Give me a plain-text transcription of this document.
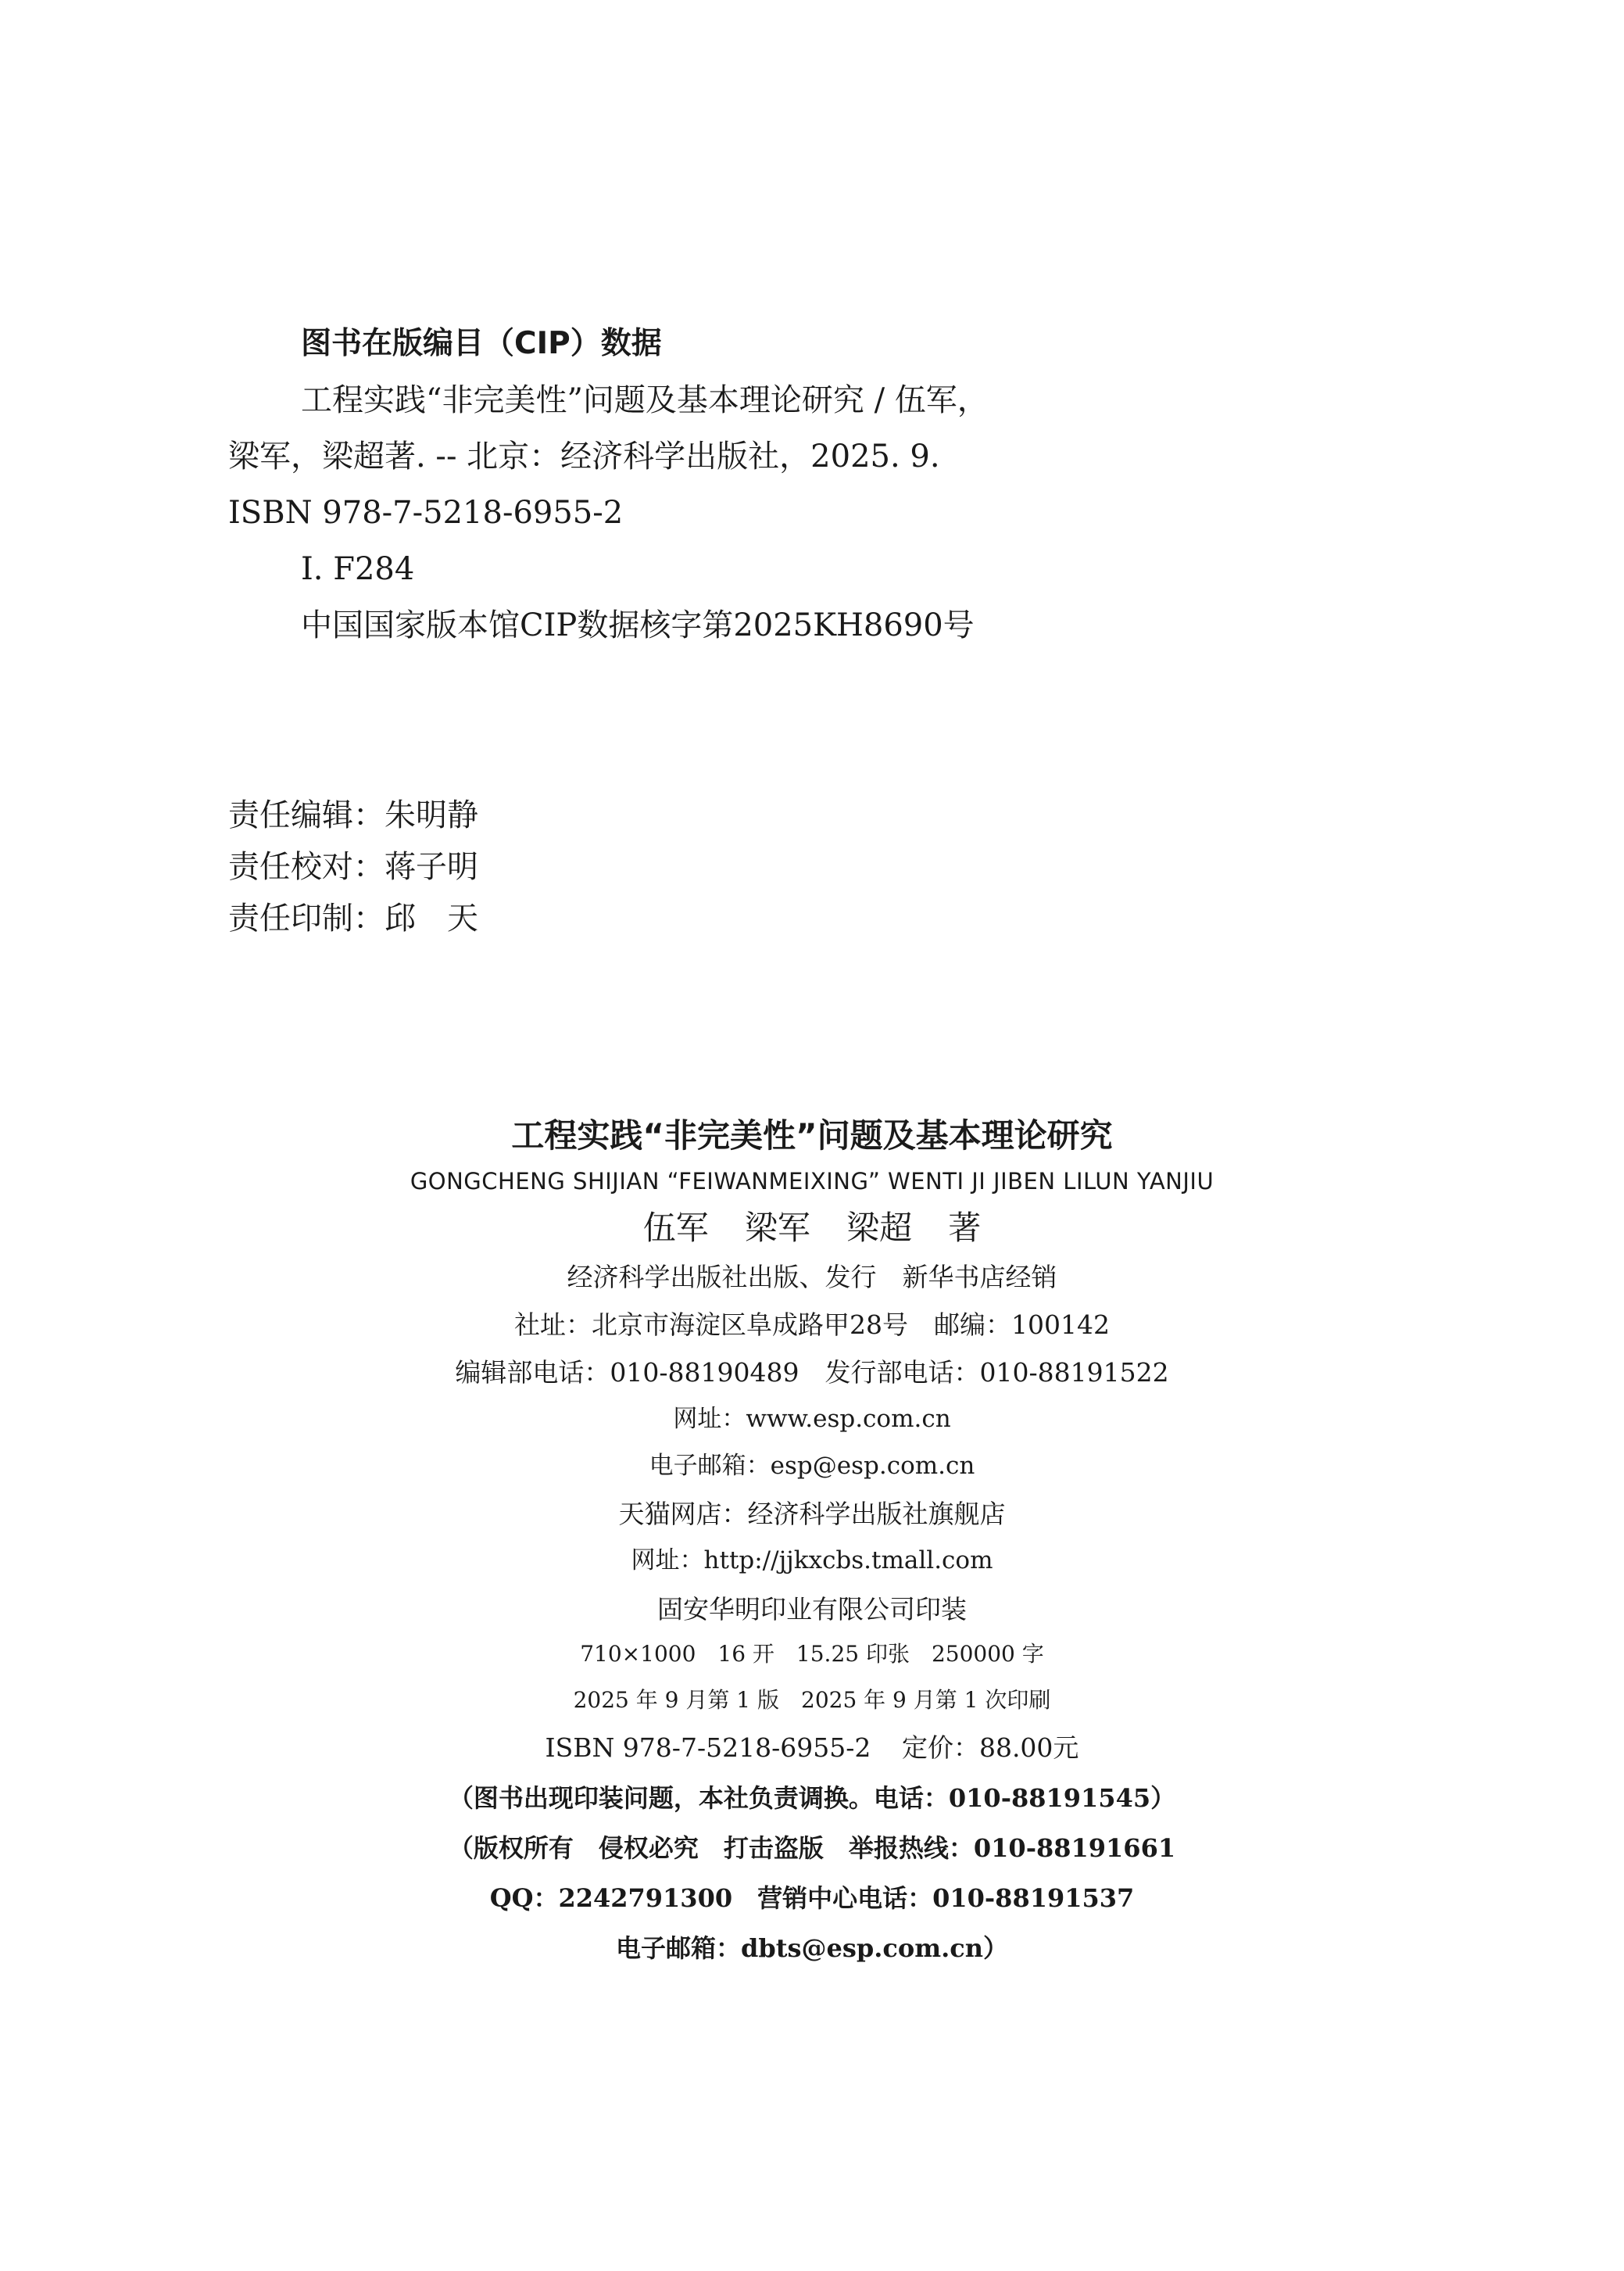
图书在版编目（CIP）数据
工程实践“非完美性”问题及基本理论研究 / 伍军，
梁军，梁超著. -- 北京：经济科学出版社，2025. 9.
ISBN 978-7-5218-6955-2
Ⅰ. F284
中国国家版本馆CIP数据核字第2025KH8690号
责任编辑：朱明静
责任校对：蒋子明
责任印制：邱　天
工程实践“非完美性”问题及基本理论研究
GONGCHENG SHIJIAN “FEIWANMEIXING” WENTI JI JIBEN LILUN YANJIU
伍军 梁军 梁超 著
经济科学出版社出版、发行　新华书店经销
社址：北京市海淀区阜成路甲28号　邮编：100142
编辑部电话：010-88190489　发行部电话：010-88191522
网址：www.esp.com.cn
电子邮箱：esp@esp.com.cn
天猫网店：经济科学出版社旗舰店
网址：http://jjkxcbs.tmall.com
固安华明印业有限公司印装
710×1000 16 开 15.25 印张 250000 字
2025 年 9 月第 1 版 2025 年 9 月第 1 次印刷
ISBN 978-7-5218-6955-2 定价：88.00元
（图书出现印装问题，本社负责调换。电话：010-88191545）
（版权所有　侵权必究　打击盗版　举报热线：010-88191661
QQ：2242791300　营销中心电话：010-88191537
电子邮箱：dbts@esp.com.cn）
